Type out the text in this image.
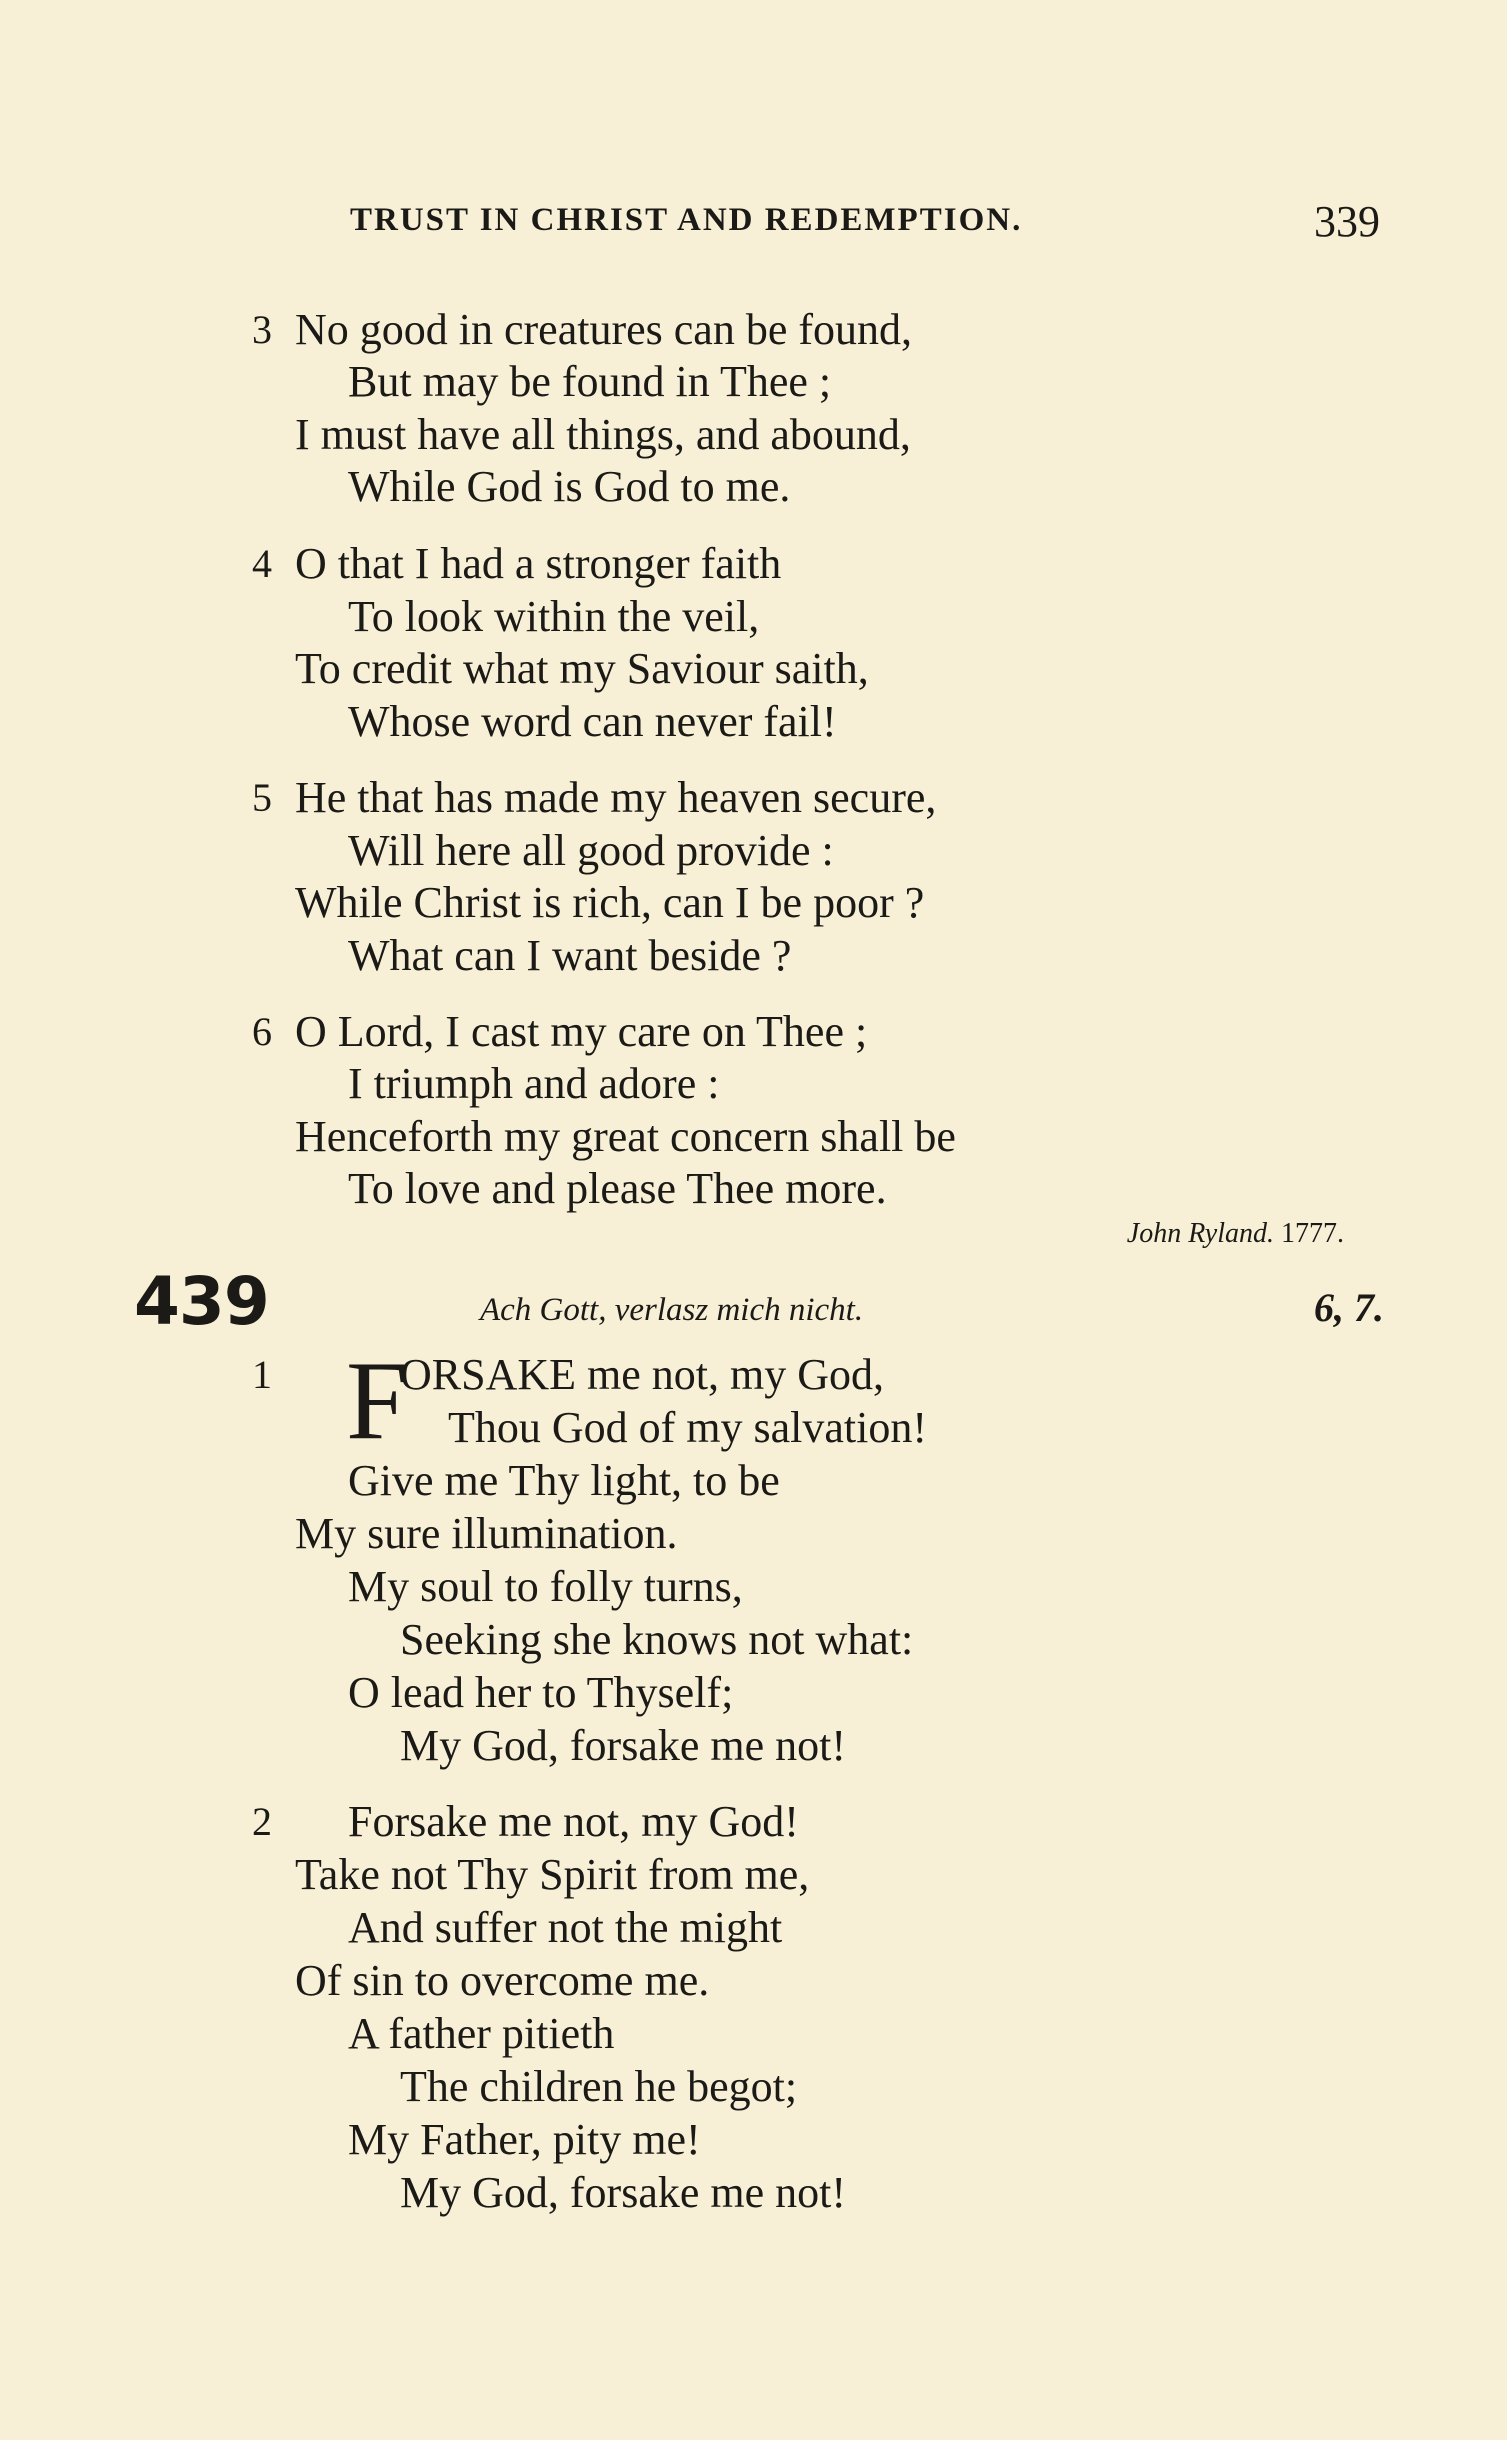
TRUST IN CHRIST AND REDEMPTION.	339
3 No good in creatures can be found,
But may be found in Thee ;
I must have all things, and abound,
While God is God to me.
4 O that I had a stronger faith
To look within the veil,
To credit what my Saviour saith,
Whose word can never fail!
5 He that has made my heaven secure,
Will here all good provide :
While Christ is rich, can I be poor ?
What can I want beside ?
6 O Lord, I cast my care on Thee ;
I triumph and adore :
Henceforth my great concern shall be
To love and please Thee more.
John Ryland. 1777.
439	Ach Gott, verlasz mich nicht.	6, 7.
1 F
ORSAKE me not, my God,
Thou God of my salvation!
Give me Thy light, to be
My sure illumination.
My soul to folly turns,
Seeking she knows not what:
O lead her to Thyself;
My God, forsake me not!
2 Forsake me not, my God!
Take not Thy Spirit from me,
And suffer not the might
Of sin to overcome me.
A father pitieth
The children he begot;
My Father, pity me!
My God, forsake me not!
